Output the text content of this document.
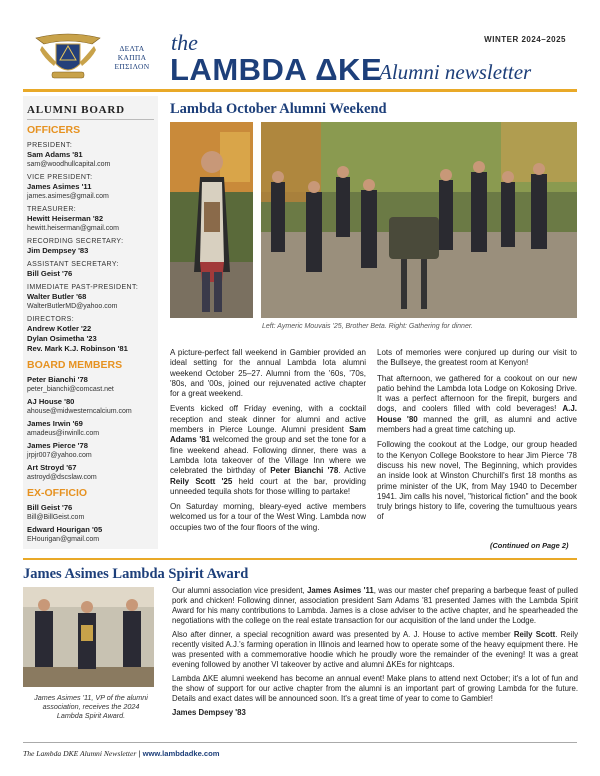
ΔΕΛΤΑ
ΚΑΠΠΑ
ΕΠΣΙΛΟΝ
the
LAMBDA ΔKE
Alumni newsletter
WINTER 2024–2025
ALUMNI BOARD
OFFICERS
PRESIDENT:
Sam Adams '81
sam@woodhullcapital.com
VICE PRESIDENT:
James Asimes '11
james.asimes@gmail.com
TREASURER:
Hewitt Heiserman '82
hewitt.heiserman@gmail.com
RECORDING SECRETARY:
Jim Dempsey '83
ASSISTANT SECRETARY:
Bill Geist '76
IMMEDIATE PAST-PRESIDENT:
Walter Butler '68
WalterButlerMD@yahoo.com
DIRECTORS:
Andrew Kotler '22
Dylan Osimetha '23
Rev. Mark K.J. Robinson '81
BOARD MEMBERS
Peter Bianchi '78
peter_bianchi@comcast.net
AJ House '80
ahouse@midwesterncalcium.com
James Irwin '69
amadeus@irwinllc.com
James Pierce '78
jrpjr007@yahoo.com
Art Stroyd '67
astroyd@dscslaw.com
EX-OFFICIO
Bill Geist '76
Bill@BillGeist.com
Edward Hourigan '05
EHourigan@gmail.com
Lambda October Alumni Weekend
Left: Aymeric Mouvais '25, Brother Beta. Right: Gathering for dinner.

A picture-perfect fall weekend in Gambier provided an ideal setting for the annual Lambda Iota alumni weekend October 25–27. Alumni from the '60s, '70s, '80s, and '00s, joined our rejuvenated active chapter for a great weekend.

Events kicked off Friday evening, with a cocktail reception and steak dinner for alumni and active members in Pierce Lounge. Alumni president Sam Adams '81 welcomed the group and set the tone for a fine weekend ahead. Following dinner, there was a Lambda Iota takeover of the Village Inn where we celebrated the birthday of Peter Bianchi '78. Active Reily Scott '25 held court at the bar, providing unneeded tequila shots for those willing to partake!

On Saturday morning, bleary-eyed active members welcomed us for a tour of the West Wing. Lambda now occupies two of the four floors of the wing.

Lots of memories were conjured up during our visit to the Bullseye, the greatest room at Kenyon!

That afternoon, we gathered for a cookout on our new patio behind the Lambda Iota Lodge on Kokosing Drive. It was a perfect afternoon for the firepit, burgers and dogs, and coolers filled with cold beverages! A.J. House '80 manned the grill, as alumni and active members had a great time catching up.

Following the cookout at the Lodge, our group headed to the Kenyon College Bookstore to hear Jim Pierce '78 discuss his new novel, The Beginning, which provides an inside look at Winston Churchill's first 18 months as prime minister of the UK, from May 1940 to December 1941. Jim calls his novel, "historical fiction" and the book truly brings history to life, covering the tumultuous years of

(Continued on Page 2)
James Asimes Lambda Spirit Award
James Asimes '11, VP of the alumni association, receives the 2024 Lambda Spirit Award.

Our alumni association vice president, James Asimes '11, was our master chef preparing a barbeque feast of pulled pork and chicken! Following dinner, association president Sam Adams '81 presented James with the Lambda Spirit Award for his many contributions to Lambda. James is a close adviser to the active chapter, and he spearheaded the negotiations with the college on the real estate transaction for our acquisition of the land under the Lodge.

Also after dinner, a special recognition award was presented by A. J. House to active member Reily Scott. Reily recently visited A.J.'s farming operation in Illinois and learned how to operate some of the heavy equipment there. He was presented with a commemorative hoodie which he proudly wore the remainder of the evening! It was a great evening followed by another VI takeover by active and alumni ΔKEs for nightcaps.

Lambda ΔKE alumni weekend has become an annual event! Make plans to attend next October; it's a lot of fun and the show of support for our active chapter from the alumni is an important part of growing Lambda for the future. Details and exact dates will be announced soon. It's a great time of year to come to Gambier!

James Dempsey '83

The Lambda DKE Alumni Newsletter | www.lambdadke.com
